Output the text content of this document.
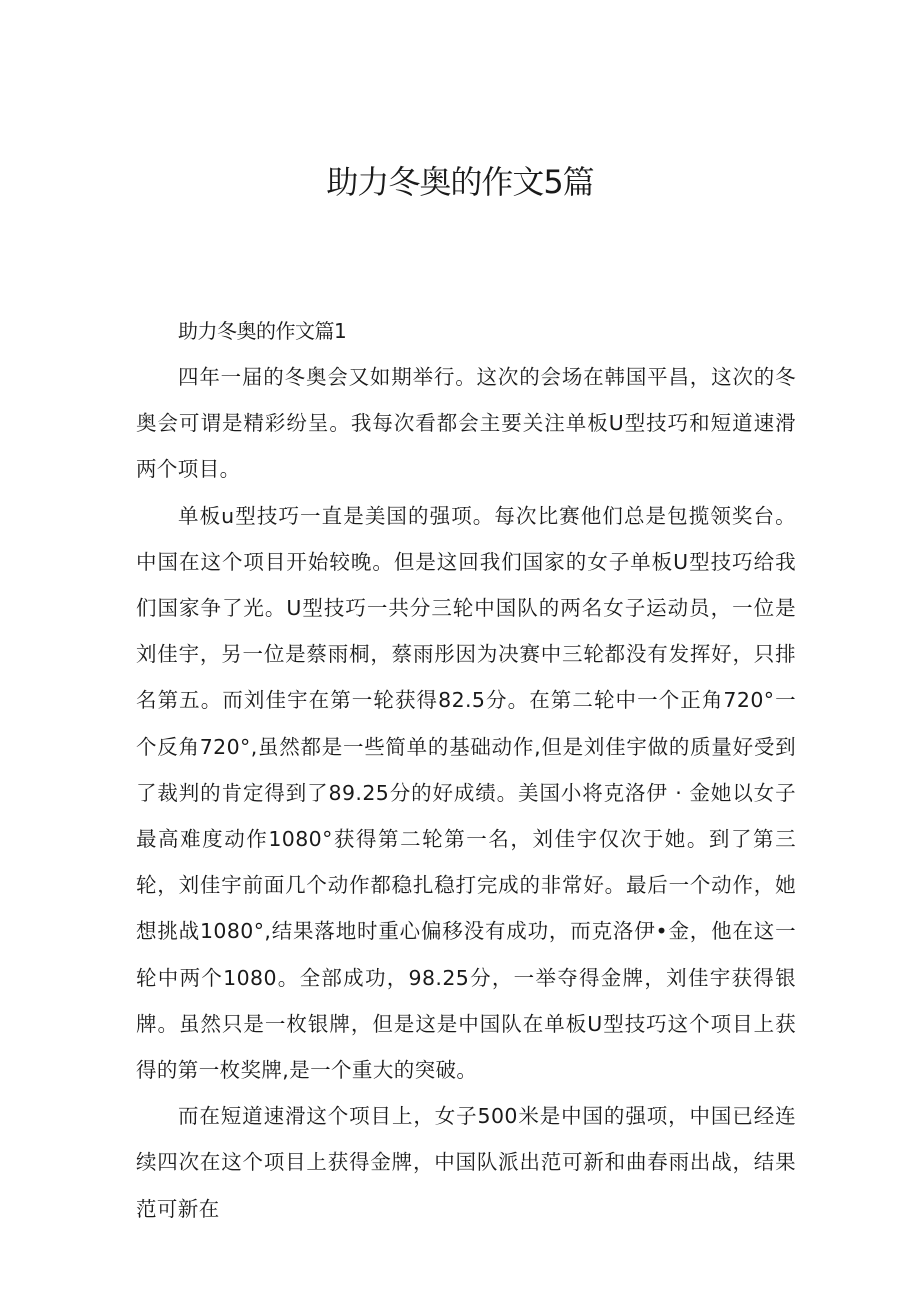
助力冬奥的作文5篇

助力冬奥的作文篇1

四年一届的冬奥会又如期举行。这次的会场在韩国平昌，这次的冬奥会可谓是精彩纷呈。我每次看都会主要关注单板U型技巧和短道速滑两个项目。

单板u型技巧一直是美国的强项。每次比赛他们总是包揽领奖台。中国在这个项目开始较晚。但是这回我们国家的女子单板U型技巧给我们国家争了光。U型技巧一共分三轮中国队的两名女子运动员，一位是刘佳宇，另一位是蔡雨桐，蔡雨彤因为决赛中三轮都没有发挥好，只排名第五。而刘佳宇在第一轮获得82.5分。在第二轮中一个正角720°一个反角720°,虽然都是一些简单的基础动作,但是刘佳宇做的质量好受到了裁判的肯定得到了89.25分的好成绩。美国小将克洛伊 · 金她以女子最高难度动作1080°获得第二轮第一名，刘佳宇仅次于她。到了第三轮，刘佳宇前面几个动作都稳扎稳打完成的非常好。最后一个动作，她想挑战1080°,结果落地时重心偏移没有成功，而克洛伊•金，他在这一轮中两个1080。全部成功，98.25分，一举夺得金牌，刘佳宇获得银牌。虽然只是一枚银牌，但是这是中国队在单板U型技巧这个项目上获得的第一枚奖牌,是一个重大的突破。

而在短道速滑这个项目上，女子500米是中国的强项，中国已经连续四次在这个项目上获得金牌，中国队派出范可新和曲春雨出战，结果范可新在
